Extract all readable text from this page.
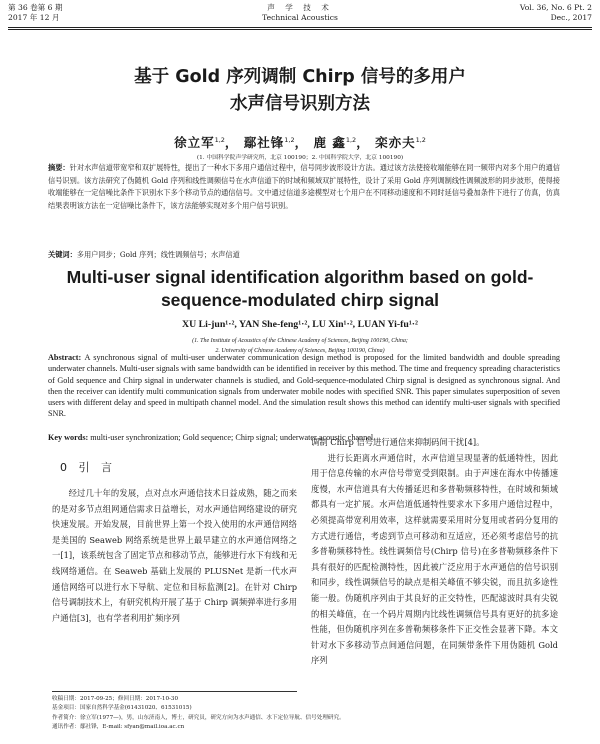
第 36 卷第 6 期
2017 年 12 月
声 学 技 术
Technical Acoustics
Vol. 36, No. 6 Pt. 2
Dec., 2017
基于 Gold 序列调制 Chirp 信号的多用户
水声信号识别方法
徐立军$^{1,2}$， 鄢社锋$^{1,2}$， 鹿 鑫$^{1,2}$， 栾亦夫$^{1,2}$
(1. 中国科学院声学研究所，北京 100190；2. 中国科学院大学，北京 100190)
摘要：针对水声信道带宽窄和双扩展特性，提出了一种水下多用户通信过程中，信号同步波形设计方法。通过该方法使接收端能够在同一频带内对多个用户的通信信号识别。该方法研究了伪随机 Gold 序列和线性调频信号在水声信道下的时域和频域双扩展特性，设计了采用 Gold 序列调制线性调频波形的同步波形，使得接收端能够在一定信噪比条件下识别水下多个移动节点的通信信号。文中通过信道多途模型对七个用户在不同移动速度和不同时延信号叠加条件下进行了仿真，仿真结果表明该方法在一定信噪比条件下，该方法能够实现对多个用户信号识别。
关键词：多用户同步；Gold 序列；线性调频信号；水声信道
Multi-user signal identification algorithm based on gold-
sequence-modulated chirp signal
XU Li-jun¹·², YAN She-feng¹·², LU Xin¹·², LUAN Yi-fu¹·²
(1. The Institute of Acoustics of the Chinese Academy of Sciences, Beijing 100190, China;
2. University of Chinese Academy of Sciences, Beijing 100190, China)
Abstract: A synchronous signal of multi-user underwater communication design method is proposed for the limited bandwidth and double spreading underwater channels. Multi-user signals with same bandwidth can be identified in receiver by this method. The time and frequency spreading characteristics of Gold sequence and Chirp signal in underwater channels is studied, and Gold-sequence-modulated Chirp signal is designed as synchronous signal. And then the receiver can identify multi communication signals from underwater mobile nodes with specified SNR. This paper simulates superposition of seven users with different delay and speed in multipath channel model. And the simulation result shows this method can identify multi-user signals with specified SNR.
Key words: multi-user synchronization; Gold sequence; Chirp signal; underwater acoustic channel.
0 引 言

经过几十年的发展，点对点水声通信技术日益成熟，随之而来的是对多节点组网通信需求日益增长，对水声通信网络建设的研究快速发展。开始发展，目前世界上第一个投入使用的水声通信网络是美国的 Seaweb 网络系统是世界上最早建立的水声通信网络之一[1]，该系统包含了固定节点和移动节点，能够进行水下有线和无线网络通信。在 Seaweb 基础上发展的 PLUSNet 是新一代水声通信网络可以进行水下导航、定位和目标监测[2]。在针对 Chirp 信号调制技术上，有研究机构开展了基于 Chirp 调频弹率进行多用户通信[3]，也有学者利用扩频序列

调制 Chirp 信号进行通信来抑制码间干扰[4]。

进行长距离水声通信时，水声信道呈现显著的低通特性，因此用于信息传输的水声信号带宽受到限制。由于声速在海水中传播速度慢，水声信道具有大传播延迟和多普勒频移特性，在时域和频域都具有一定扩展。水声信道低通特性要求水下多用户通信过程中，必须提高带宽利用效率，这样就需要采用时分复用或者码分复用的方式进行通信，考虑到节点可移动和互适应，还必须考虑信号的抗多普勒频移特性。线性调频信号(Chirp 信号)在多普勒频移条件下具有很好的匹配检测特性，因此被广泛应用于水声通信的信号识别和同步，线性调频信号的缺点是相关峰值不够尖锐，而且抗多途性能一般。伪随机序列由于其良好的正交特性，匹配滤波时具有尖锐的相关峰值，在一个码片周期内比线性调频信号具有更好的抗多途性能，但伪随机序列在多普勒频移条件下正交性会显著下降。本文针对水下多移动节点间通信问题，在同频带条件下用伪随机 Gold 序列

收稿日期：2017-09-25；修回日期：2017-10-30
基金项目：国家自然科学基金(61431020、61531015)
作者简介：徐立军(1977—)，男，山东济南人，博士，研究员，研究方向为水声通信、水下定位导航、信号处理研究。
通讯作者：鄢社锋，E-mail: sfyan@mail.ioa.ac.cn
